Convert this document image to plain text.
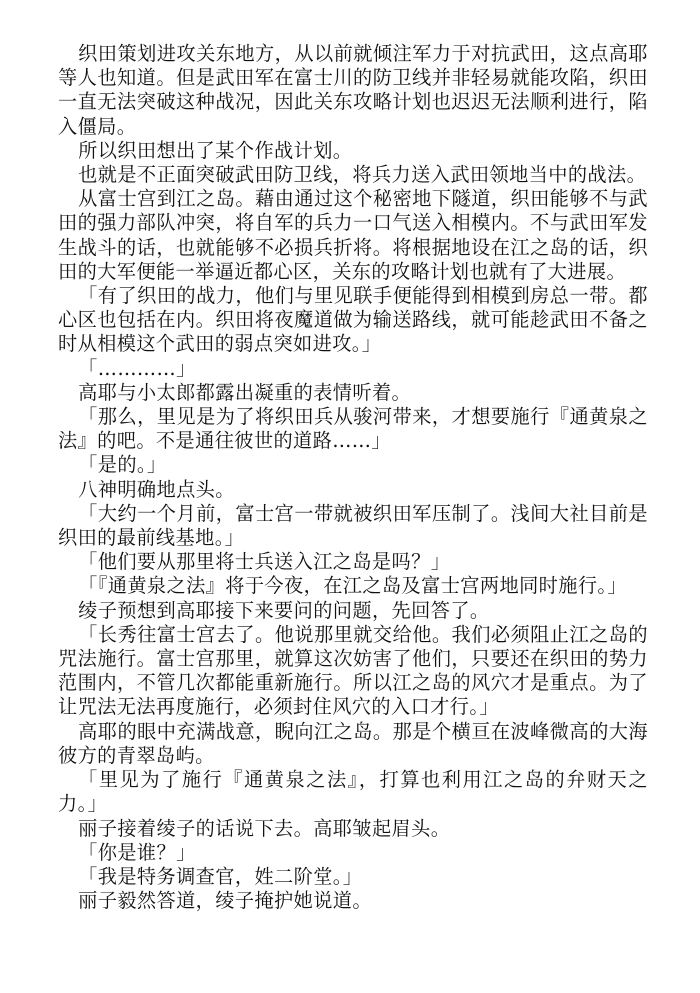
织田策划进攻关东地方，从以前就倾注军力于对抗武田，这点高耶等人也知道。但是武田军在富士川的防卫线并非轻易就能攻陷，织田一直无法突破这种战况，因此关东攻略计划也迟迟无法顺利进行，陷入僵局。

所以织田想出了某个作战计划。

也就是不正面突破武田防卫线，将兵力送入武田领地当中的战法。

从富士宫到江之岛。藉由通过这个秘密地下隧道，织田能够不与武田的强力部队冲突，将自军的兵力一口气送入相模内。不与武田军发生战斗的话，也就能够不必损兵折将。将根据地设在江之岛的话，织田的大军便能一举逼近都心区，关东的攻略计划也就有了大进展。

「有了织田的战力，他们与里见联手便能得到相模到房总一带。都心区也包括在内。织田将夜魔道做为输送路线，就可能趁武田不备之时从相模这个武田的弱点突如进攻。」

「…………」

高耶与小太郎都露出凝重的表情听着。

「那么，里见是为了将织田兵从骏河带来，才想要施行『通黄泉之法』的吧。不是通往彼世的道路……」

「是的。」

八神明确地点头。

「大约一个月前，富士宫一带就被织田军压制了。浅间大社目前是织田的最前线基地。」

「他们要从那里将士兵送入江之岛是吗？」

「『通黄泉之法』将于今夜，在江之岛及富士宫两地同时施行。」

绫子预想到高耶接下来要问的问题，先回答了。

「长秀往富士宫去了。他说那里就交给他。我们必须阻止江之岛的咒法施行。富士宫那里，就算这次妨害了他们，只要还在织田的势力范围内，不管几次都能重新施行。所以江之岛的风穴才是重点。为了让咒法无法再度施行，必须封住风穴的入口才行。」

高耶的眼中充满战意，睨向江之岛。那是个横亘在波峰微高的大海彼方的青翠岛屿。

「里见为了施行『通黄泉之法』，打算也利用江之岛的弁财天之力。」

丽子接着绫子的话说下去。高耶皱起眉头。

「你是谁？」

「我是特务调查官，姓二阶堂。」

丽子毅然答道，绫子掩护她说道。
